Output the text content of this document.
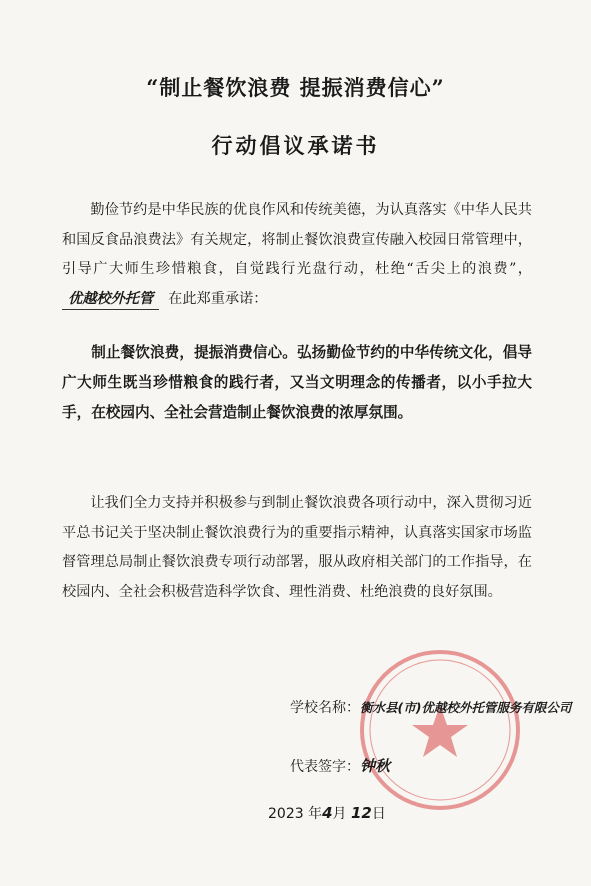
“制止餐饮浪费 提振消费信心”
行动倡议承诺书

勤俭节约是中华民族的优良作风和传统美德，为认真落实《中华人民共和国反食品浪费法》有关规定，将制止餐饮浪费宣传融入校园日常管理中，引导广大师生珍惜粮食，自觉践行光盘行动，杜绝“舌尖上的浪费”，优越校外托管 在此郑重承诺：

制止餐饮浪费，提振消费信心。弘扬勤俭节约的中华传统文化，倡导广大师生既当珍惜粮食的践行者，又当文明理念的传播者，以小手拉大手，在校园内、全社会营造制止餐饮浪费的浓厚氛围。

让我们全力支持并积极参与到制止餐饮浪费各项行动中，深入贯彻习近平总书记关于坚决制止餐饮浪费行为的重要指示精神，认真落实国家市场监督管理总局制止餐饮浪费专项行动部署，服从政府相关部门的工作指导，在校园内、全社会积极营造科学饮食、理性消费、杜绝浪费的良好氛围。

学校名称：衡水县(市)优越校外托管服务有限公司
代表签字：钟秋
2023 年4月 12日
